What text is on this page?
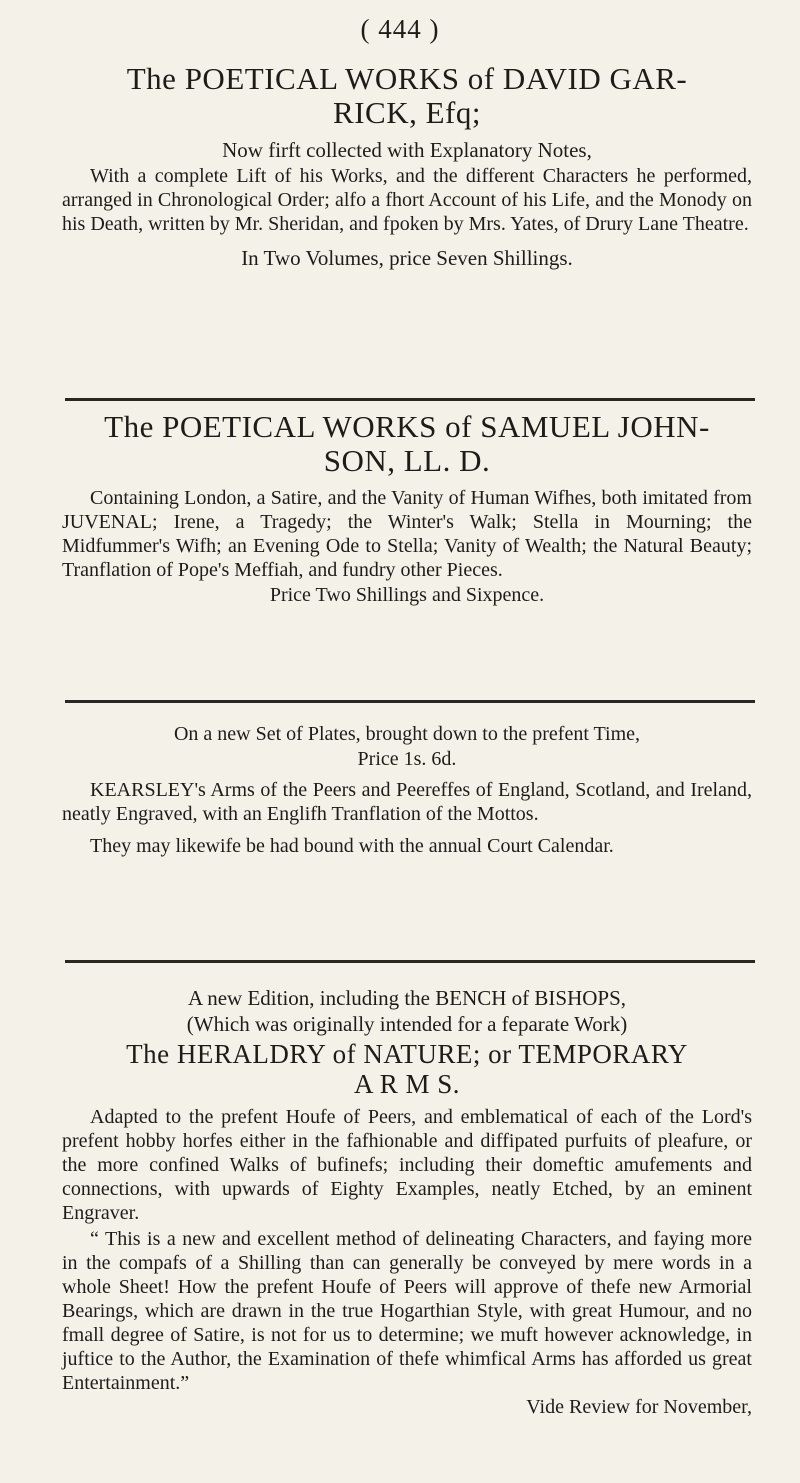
( 444 )

The POETICAL WORKS of DAVID GAR-

RICK, Efq;

Now firft collected with Explanatory Notes,

With a complete Lift of his Works, and the different Characters he performed, arranged in Chronological Order; alfo a fhort Account of his Life, and the Monody on his Death, written by Mr. Sheridan, and fpoken by Mrs. Yates, of Drury Lane Theatre.

In Two Volumes, price Seven Shillings.

The POETICAL WORKS of SAMUEL JOHN-

SON, LL. D.

Containing London, a Satire, and the Vanity of Human Wifhes, both imitated from JUVENAL; Irene, a Tragedy; the Winter's Walk; Stella in Mourning; the Midfummer's Wifh; an Evening Ode to Stella; Vanity of Wealth; the Natural Beauty; Tranflation of Pope's Meffiah, and fundry other Pieces.

Price Two Shillings and Sixpence.

On a new Set of Plates, brought down to the prefent Time,

Price 1s. 6d.

KEARSLEY's Arms of the Peers and Peereffes of England, Scotland, and Ireland, neatly Engraved, with an Englifh Tranflation of the Mottos.

They may likewife be had bound with the annual Court Calendar.

A new Edition, including the BENCH of BISHOPS,

(Which was originally intended for a feparate Work)

The HERALDRY of NATURE; or TEMPORARY

A R M S.

Adapted to the prefent Houfe of Peers, and emblematical of each of the Lord's prefent hobby horfes either in the fafhionable and diffipated purfuits of pleafure, or the more confined Walks of bufinefs; including their domeftic amufements and connections, with upwards of Eighty Examples, neatly Etched, by an eminent Engraver.

“ This is a new and excellent method of delineating Characters, and faying more in the compafs of a Shilling than can generally be conveyed by mere words in a whole Sheet! How the prefent Houfe of Peers will approve of thefe new Armorial Bearings, which are drawn in the true Hogarthian Style, with great Humour, and no fmall degree of Satire, is not for us to determine; we muft however acknowledge, in juftice to the Author, the Examination of thefe whimfical Arms has afforded us great Entertainment.”

Vide Review for November,
